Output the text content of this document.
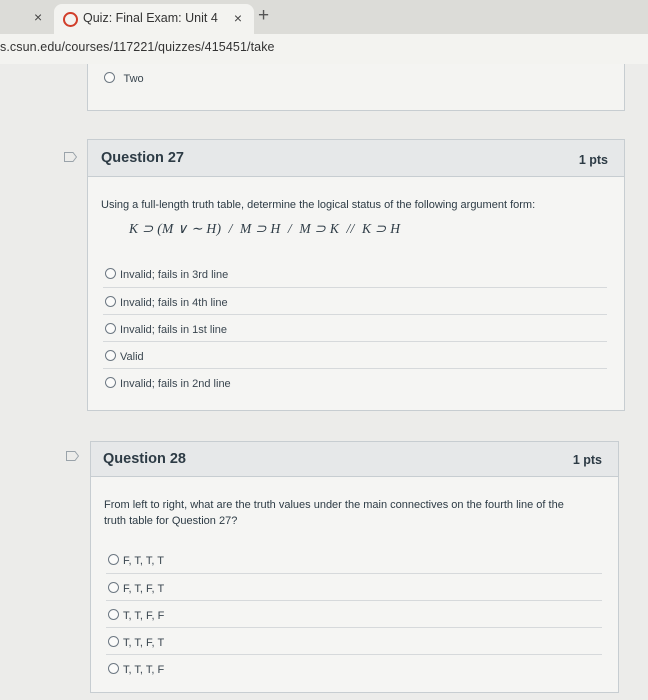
×	Quiz: Final Exam: Unit 4 × +
s.csun.edu/courses/117221/quizzes/415451/take
Two
Question 27	1 pts
Using a full-length truth table, determine the logical status of the following argument form:
K ⊃ (M ∨ ∼ H)  /  M ⊃ H  /  M ⊃ K  //  K ⊃ H
Invalid; fails in 3rd line
Invalid; fails in 4th line
Invalid; fails in 1st line
Valid
Invalid; fails in 2nd line
Question 28	1 pts
From left to right, what are the truth values under the main connectives on the fourth line of the truth table for Question 27?
F, T, T, T
F, T, F, T
T, T, F, F
T, T, F, T
T, T, T, F
